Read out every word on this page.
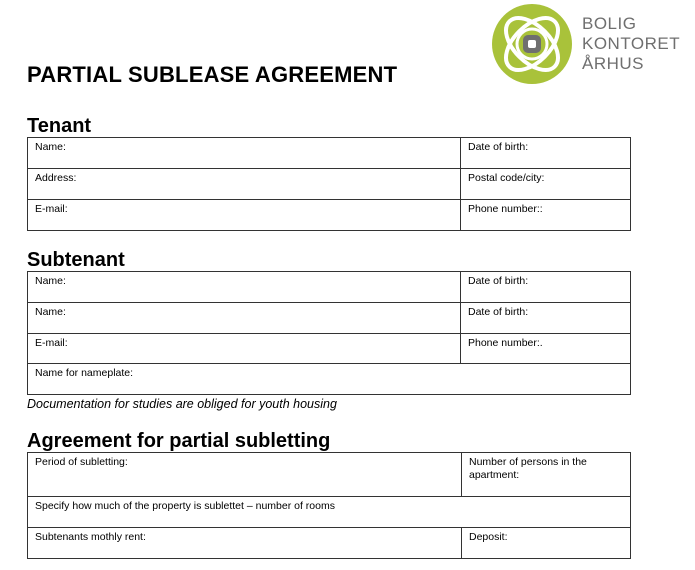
BOLIG
KONTORET
ÅRHUS
PARTIAL SUBLEASE AGREEMENT
Tenant
Name:	Date of birth:
Address:	Postal code/city:
E-mail:	Phone number::
Subtenant
Name:	Date of birth:
Name:	Date of birth:
E-mail:	Phone number:.
Name for nameplate:	
Documentation for studies are obliged for youth housing
Agreement for partial subletting
Period of subletting:	Number of persons in the apartment:
Specify how much of the property is sublettet – number of rooms	
Subtenants mothly rent:	Deposit:
